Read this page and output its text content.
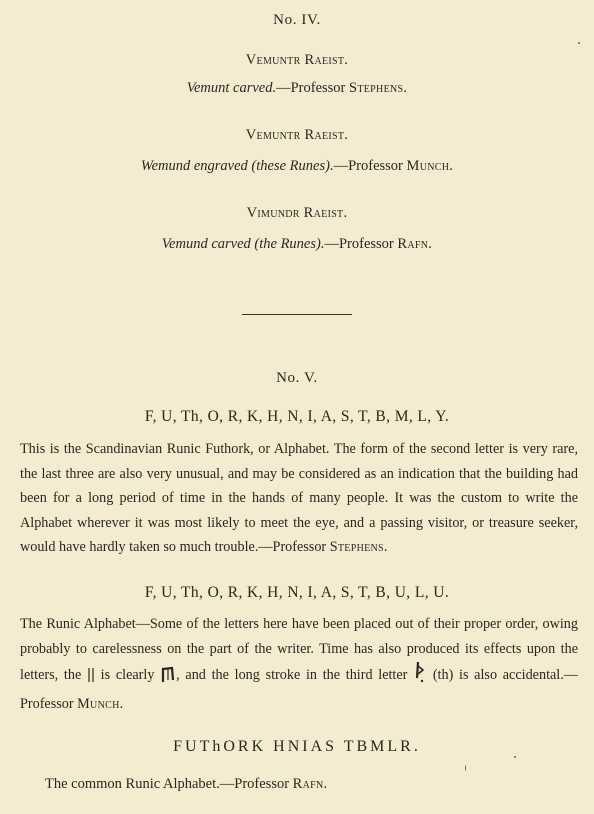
No. IV.
Vemuntr Raeist.
Vemunt carved.—Professor Stephens.
Vemuntr Raeist.
Wemund engraved (these Runes).—Professor Munch.
Vimundr Raeist.
Vemund carved (the Runes).—Professor Rafn.
No. V.
F, U, Th, O, R, K, H, N, I, A, S, T, B, M, L, Y.
This is the Scandinavian Runic Futhork, or Alphabet. The form of the second letter is very rare, the last three are also very unusual, and may be considered as an indication that the building had been for a long period of time in the hands of many people. It was the custom to write the Alphabet wherever it was most likely to meet the eye, and a passing visitor, or treasure seeker, would have hardly taken so much trouble.—Professor Stephens.
F, U, Th, O, R, K, H, N, I, A, S, T, B, U, L, U.
The Runic Alphabet—Some of the letters here have been placed out of their proper order, owing probably to carelessness on the part of the writer. Time has also produced its effects upon the letters, the  is clearly , and the long stroke in the third letter  (th) is also accidental.—Professor Munch.
FUThORK HNIAS TBMLR.
The common Runic Alphabet.—Professor Rafn.
